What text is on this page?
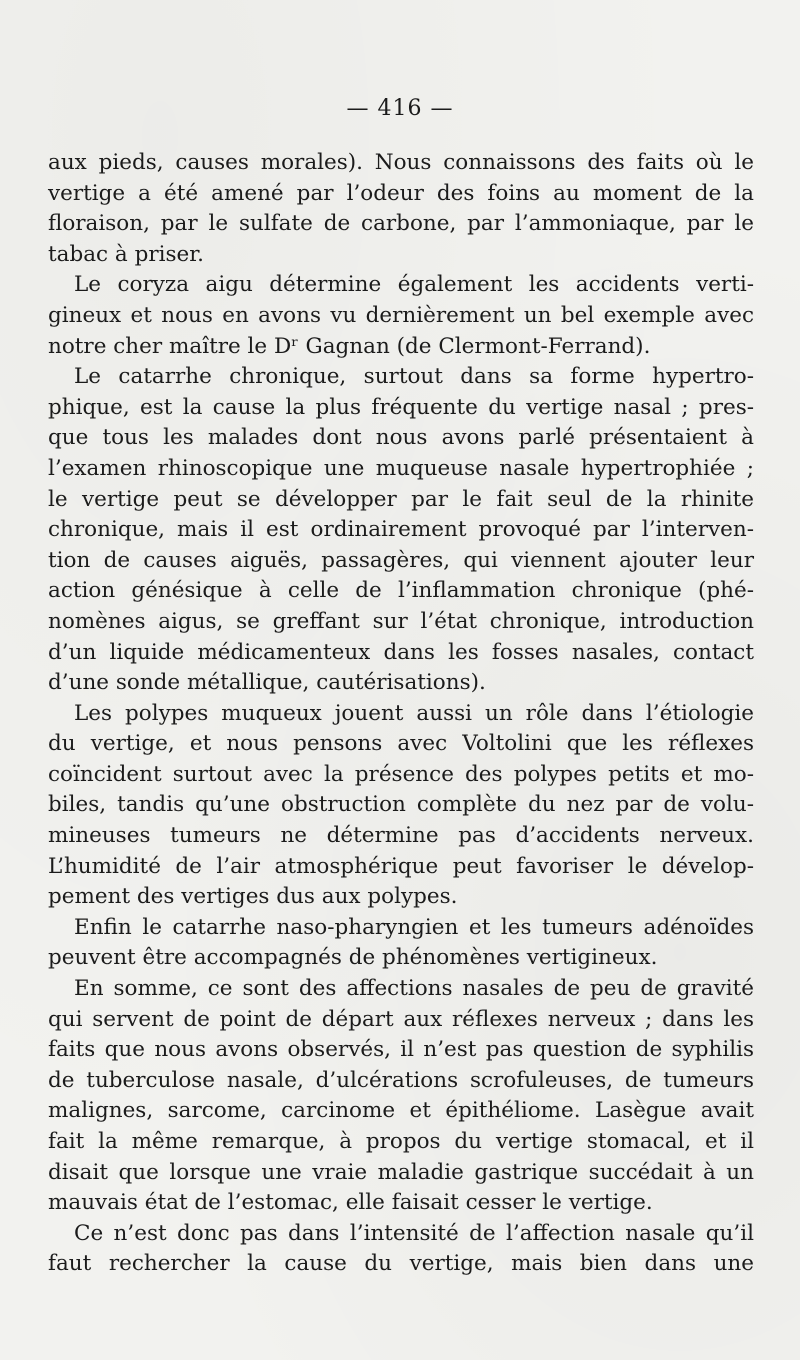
— 416 —
aux pieds, causes morales). Nous connaissons des faits où le
vertige a été amené par l’odeur des foins au moment de la
floraison, par le sulfate de carbone, par l’ammoniaque, par le
tabac à priser.
Le coryza aigu détermine également les accidents verti-
gineux et nous en avons vu dernièrement un bel exemple avec
notre cher maître le Dʳ Gagnan (de Clermont-Ferrand).
Le catarrhe chronique, surtout dans sa forme hypertro-
phique, est la cause la plus fréquente du vertige nasal ; pres-
que tous les malades dont nous avons parlé présentaient à
l’examen rhinoscopique une muqueuse nasale hypertrophiée ;
le vertige peut se développer par le fait seul de la rhinite
chronique, mais il est ordinairement provoqué par l’interven-
tion de causes aiguës, passagères, qui viennent ajouter leur
action génésique à celle de l’inflammation chronique (phé-
nomènes aigus, se greffant sur l’état chronique, introduction
d’un liquide médicamenteux dans les fosses nasales, contact
d’une sonde métallique, cautérisations).
Les polypes muqueux jouent aussi un rôle dans l’étiologie
du vertige, et nous pensons avec Voltolini que les réflexes
coïncident surtout avec la présence des polypes petits et mo-
biles, tandis qu’une obstruction complète du nez par de volu-
mineuses tumeurs ne détermine pas d’accidents nerveux.
L’humidité de l’air atmosphérique peut favoriser le dévelop-
pement des vertiges dus aux polypes.
Enfin le catarrhe naso-pharyngien et les tumeurs adénoïdes
peuvent être accompagnés de phénomènes vertigineux.
En somme, ce sont des affections nasales de peu de gravité
qui servent de point de départ aux réflexes nerveux ; dans les
faits que nous avons observés, il n’est pas question de syphilis
de tuberculose nasale, d’ulcérations scrofuleuses, de tumeurs
malignes, sarcome, carcinome et épithéliome. Lasègue avait
fait la même remarque, à propos du vertige stomacal, et il
disait que lorsque une vraie maladie gastrique succédait à un
mauvais état de l’estomac, elle faisait cesser le vertige.
Ce n’est donc pas dans l’intensité de l’affection nasale qu’il
faut rechercher la cause du vertige, mais bien dans une
